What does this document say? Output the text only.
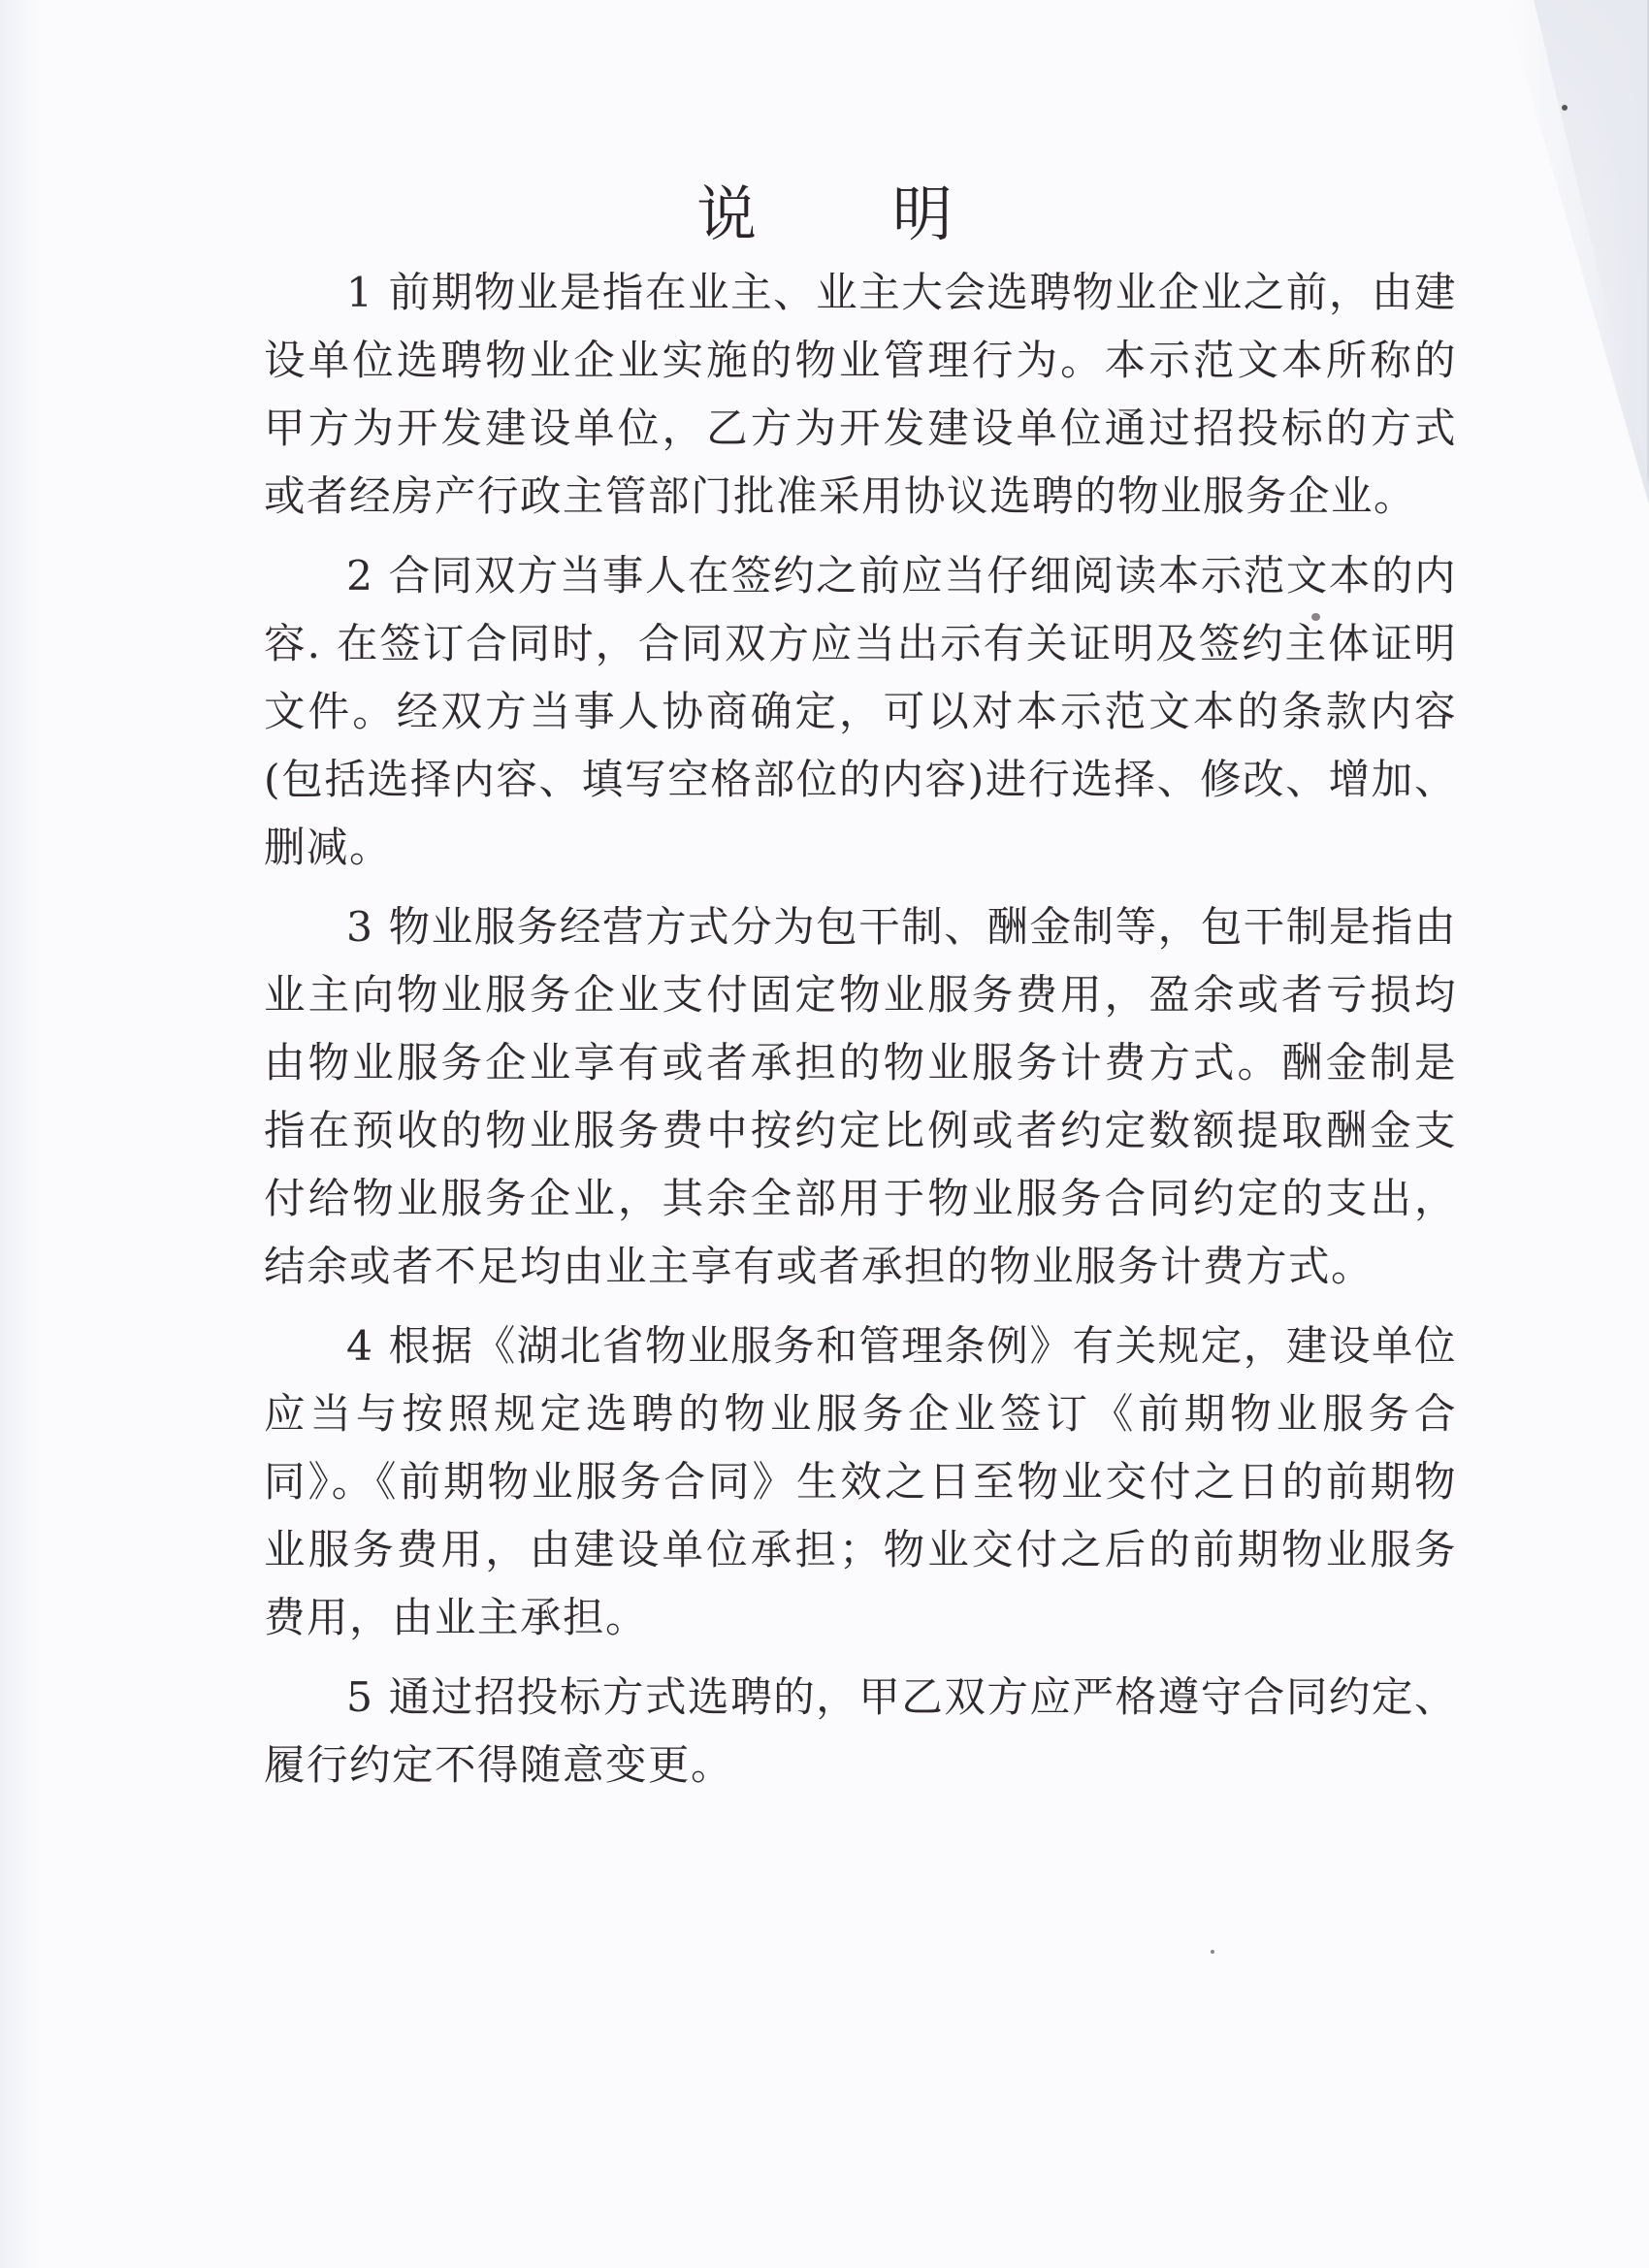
说 明

1 前期物业是指在业主、业主大会选聘物业企业之前，由建设单位选聘物业企业实施的物业管理行为。本示范文本所称的甲方为开发建设单位，乙方为开发建设单位通过招投标的方式或者经房产行政主管部门批准采用协议选聘的物业服务企业。

2 合同双方当事人在签约之前应当仔细阅读本示范文本的内容. 在签订合同时，合同双方应当出示有关证明及签约主体证明文件。经双方当事人协商确定，可以对本示范文本的条款内容(包括选择内容、填写空格部位的内容)进行选择、修改、增加、删减。

3 物业服务经营方式分为包干制、酬金制等，包干制是指由业主向物业服务企业支付固定物业服务费用，盈余或者亏损均由物业服务企业享有或者承担的物业服务计费方式。酬金制是指在预收的物业服务费中按约定比例或者约定数额提取酬金支付给物业服务企业，其余全部用于物业服务合同约定的支出，结余或者不足均由业主享有或者承担的物业服务计费方式。

4 根据《湖北省物业服务和管理条例》有关规定，建设单位应当与按照规定选聘的物业服务企业签订《前期物业服务合同》。《前期物业服务合同》生效之日至物业交付之日的前期物业服务费用，由建设单位承担；物业交付之后的前期物业服务费用，由业主承担。

5 通过招投标方式选聘的，甲乙双方应严格遵守合同约定、履行约定不得随意变更。
